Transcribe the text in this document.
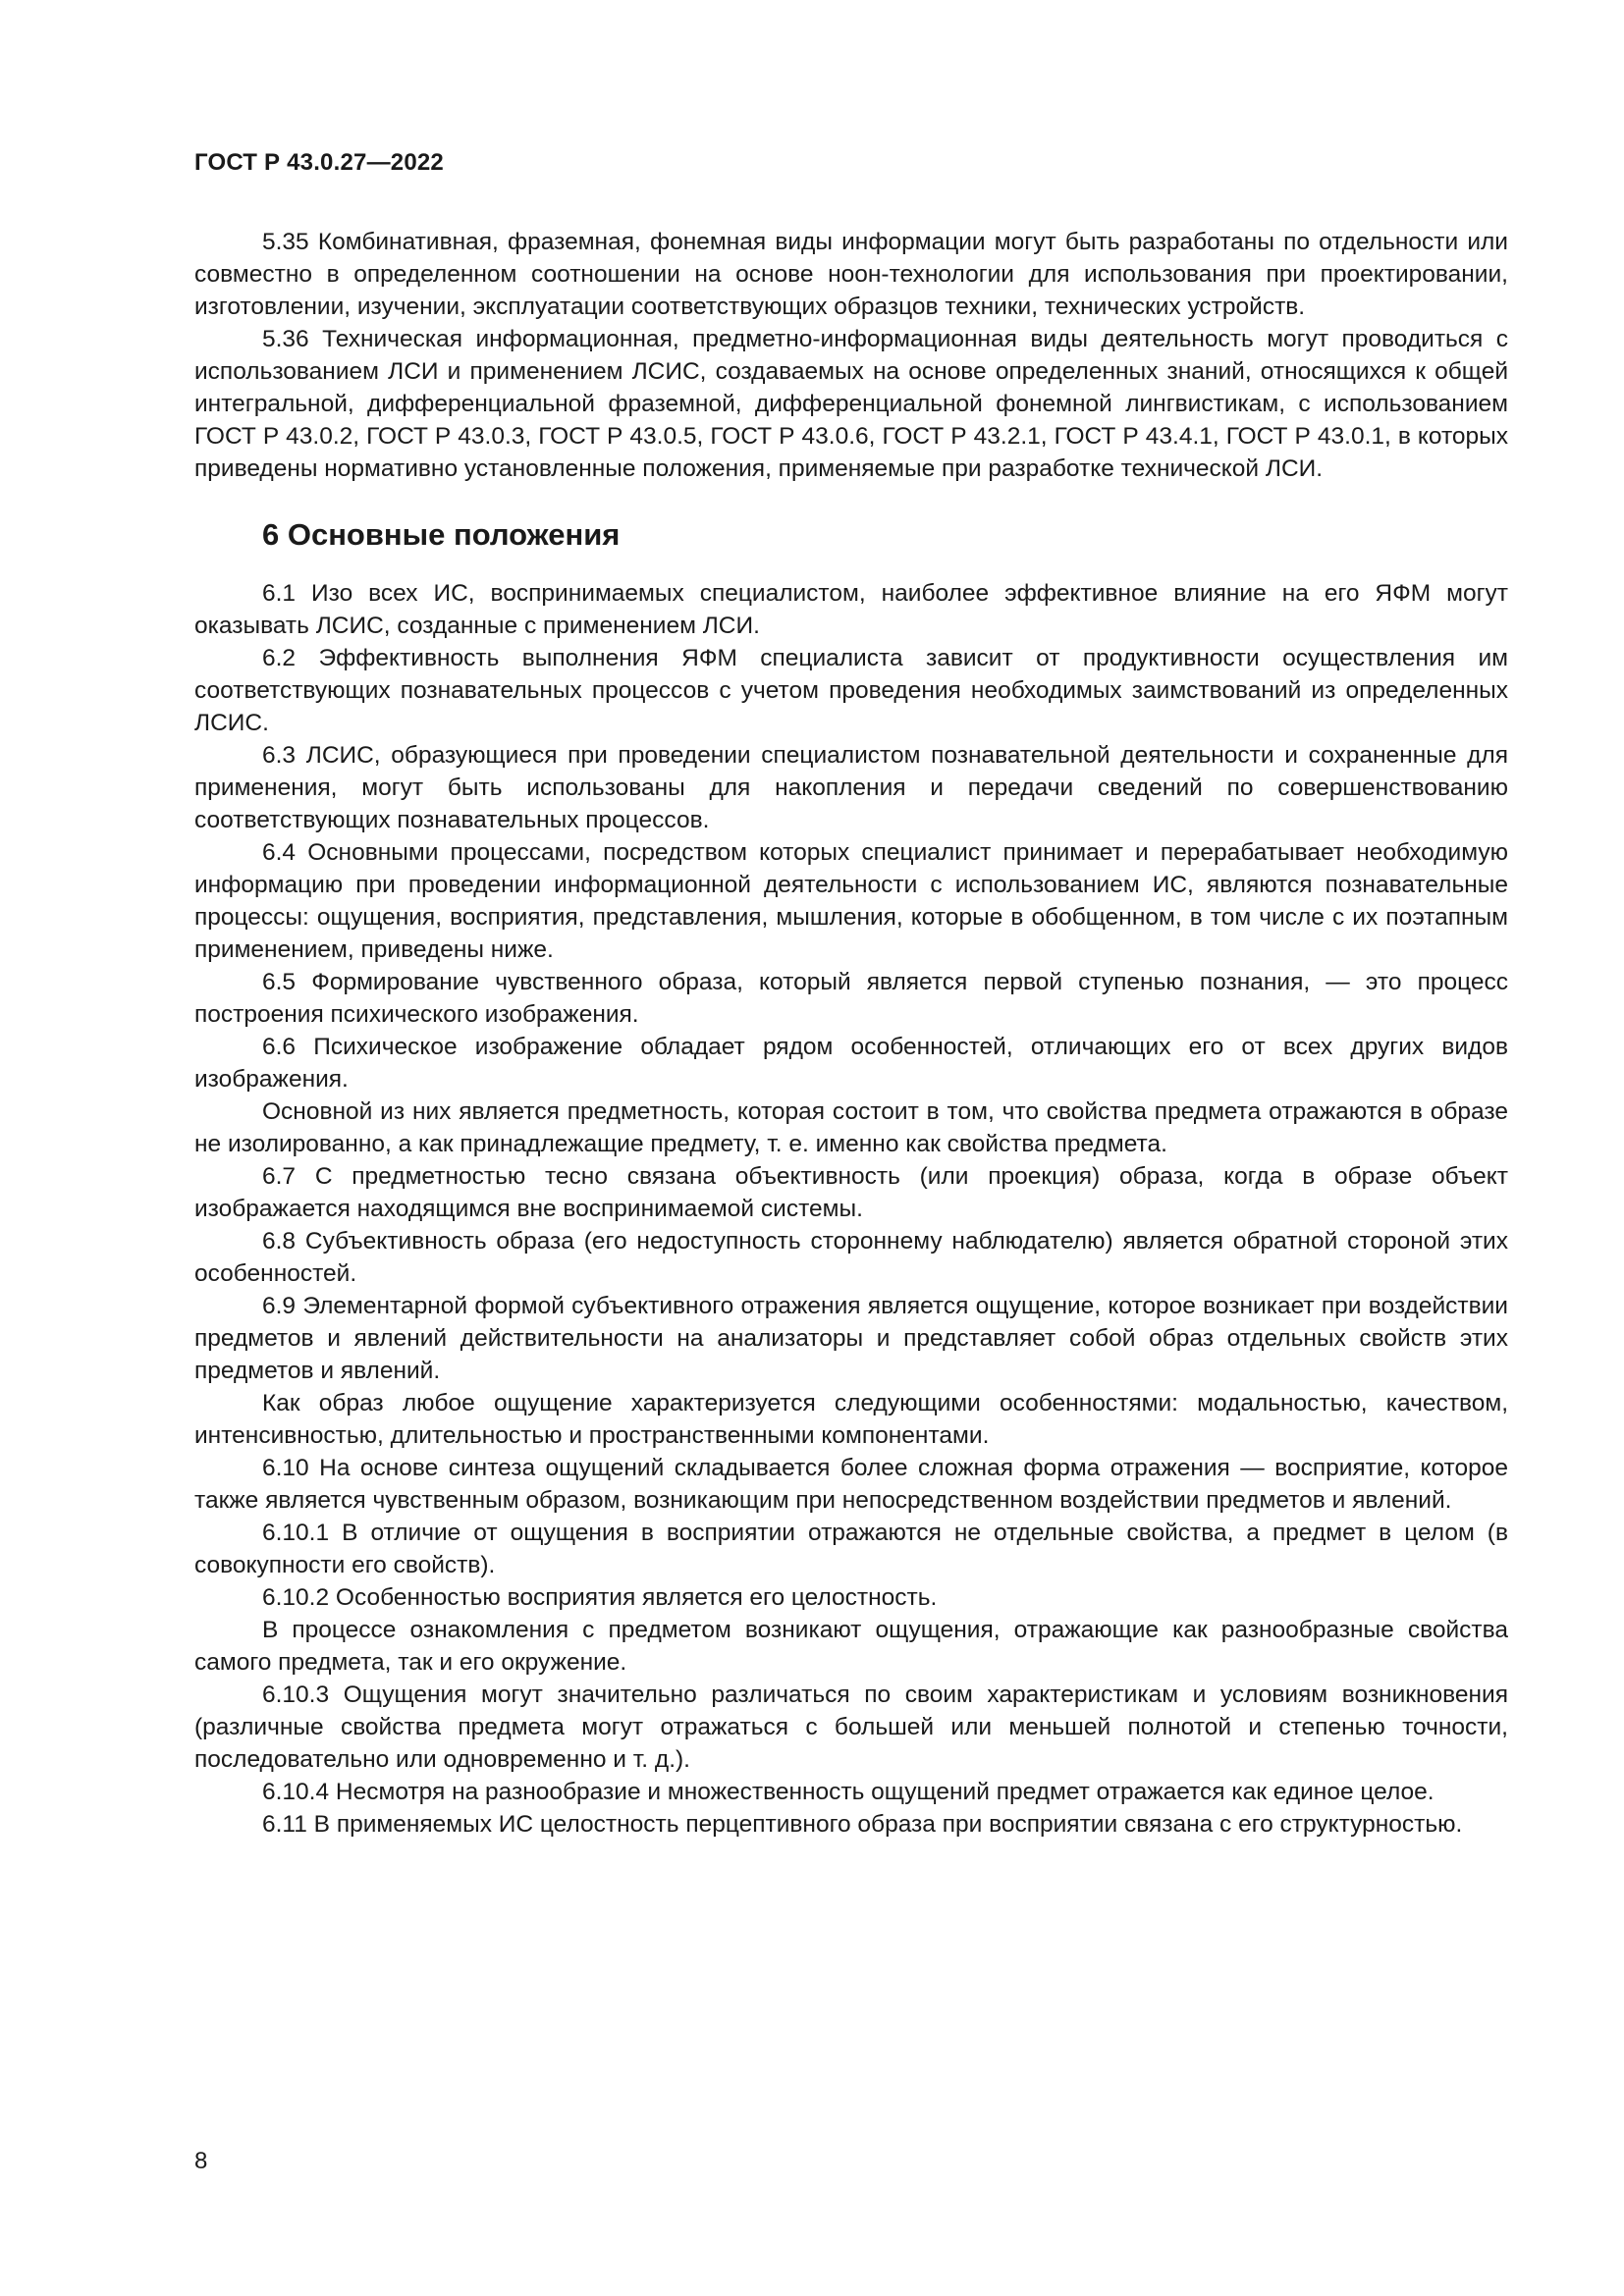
ГОСТ Р 43.0.27—2022

5.35 Комбинативная, фраземная, фонемная виды информации могут быть разработаны по отдельности или совместно в определенном соотношении на основе ноон-технологии для использования при проектировании, изготовлении, изучении, эксплуатации соответствующих образцов техники, технических устройств.

5.36 Техническая информационная, предметно-информационная виды деятельность могут проводиться с использованием ЛСИ и применением ЛСИС, создаваемых на основе определенных знаний, относящихся к общей интегральной, дифференциальной фраземной, дифференциальной фонемной лингвистикам, с использованием ГОСТ Р 43.0.2, ГОСТ Р 43.0.3, ГОСТ Р 43.0.5, ГОСТ Р 43.0.6, ГОСТ Р 43.2.1, ГОСТ Р 43.4.1, ГОСТ Р 43.0.1, в которых приведены нормативно установленные положения, применяемые при разработке технической ЛСИ.

6 Основные положения

6.1 Изо всех ИС, воспринимаемых специалистом, наиболее эффективное влияние на его ЯФМ могут оказывать ЛСИС, созданные с применением ЛСИ.

6.2 Эффективность выполнения ЯФМ специалиста зависит от продуктивности осуществления им соответствующих познавательных процессов с учетом проведения необходимых заимствований из определенных ЛСИС.

6.3 ЛСИС, образующиеся при проведении специалистом познавательной деятельности и сохраненные для применения, могут быть использованы для накопления и передачи сведений по совершенствованию соответствующих познавательных процессов.

6.4 Основными процессами, посредством которых специалист принимает и перерабатывает необходимую информацию при проведении информационной деятельности с использованием ИС, являются познавательные процессы: ощущения, восприятия, представления, мышления, которые в обобщенном, в том числе с их поэтапным применением, приведены ниже.

6.5 Формирование чувственного образа, который является первой ступенью познания, — это процесс построения психического изображения.

6.6 Психическое изображение обладает рядом особенностей, отличающих его от всех других видов изображения.

Основной из них является предметность, которая состоит в том, что свойства предмета отражаются в образе не изолированно, а как принадлежащие предмету, т. е. именно как свойства предмета.

6.7 С предметностью тесно связана объективность (или проекция) образа, когда в образе объект изображается находящимся вне воспринимаемой системы.

6.8 Субъективность образа (его недоступность стороннему наблюдателю) является обратной стороной этих особенностей.

6.9 Элементарной формой субъективного отражения является ощущение, которое возникает при воздействии предметов и явлений действительности на анализаторы и представляет собой образ отдельных свойств этих предметов и явлений.

Как образ любое ощущение характеризуется следующими особенностями: модальностью, качеством, интенсивностью, длительностью и пространственными компонентами.

6.10 На основе синтеза ощущений складывается более сложная форма отражения — восприятие, которое также является чувственным образом, возникающим при непосредственном воздействии предметов и явлений.

6.10.1 В отличие от ощущения в восприятии отражаются не отдельные свойства, а предмет в целом (в совокупности его свойств).

6.10.2 Особенностью восприятия является его целостность.

В процессе ознакомления с предметом возникают ощущения, отражающие как разнообразные свойства самого предмета, так и его окружение.

6.10.3 Ощущения могут значительно различаться по своим характеристикам и условиям возникновения (различные свойства предмета могут отражаться с большей или меньшей полнотой и степенью точности, последовательно или одновременно и т. д.).

6.10.4 Несмотря на разнообразие и множественность ощущений предмет отражается как единое целое.

6.11 В применяемых ИС целостность перцептивного образа при восприятии связана с его структурностью.

8
